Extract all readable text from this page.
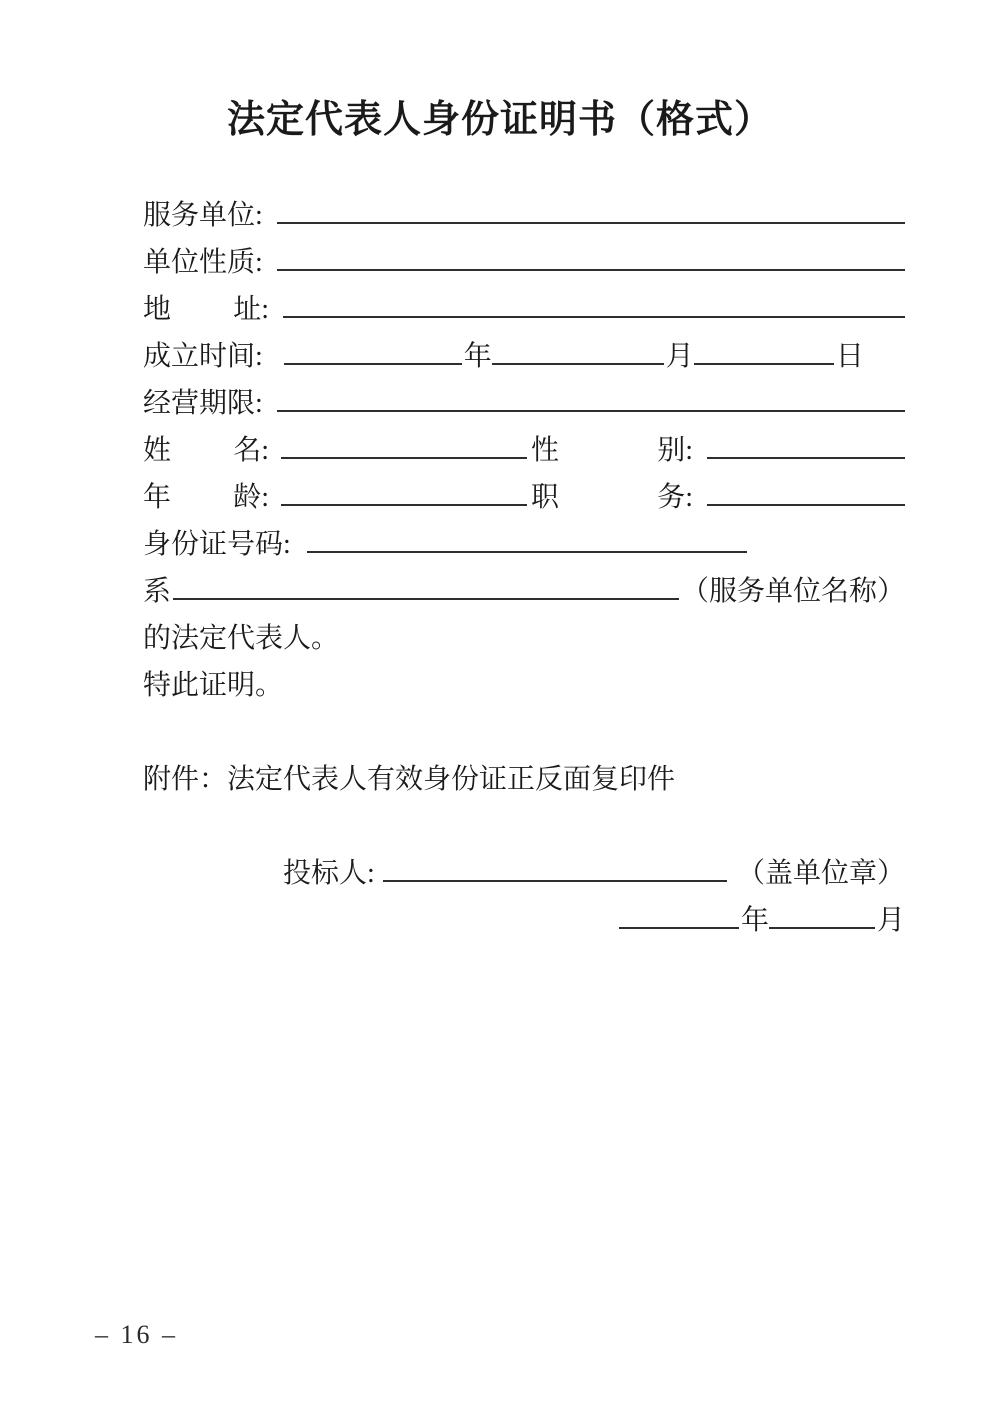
法定代表人身份证明书（格式）
服务单位:
单位性质:
地 址:
成立时间:	年	月	日
经营期限:
姓 名:	性	别:
年 龄:	职	务:
身份证号码:
系	（服务单位名称）
的法定代表人。
特此证明。
附件： 法定代表人有效身份证正反面复印件
投标人:	（盖单位章）
年	月
– 16 –
